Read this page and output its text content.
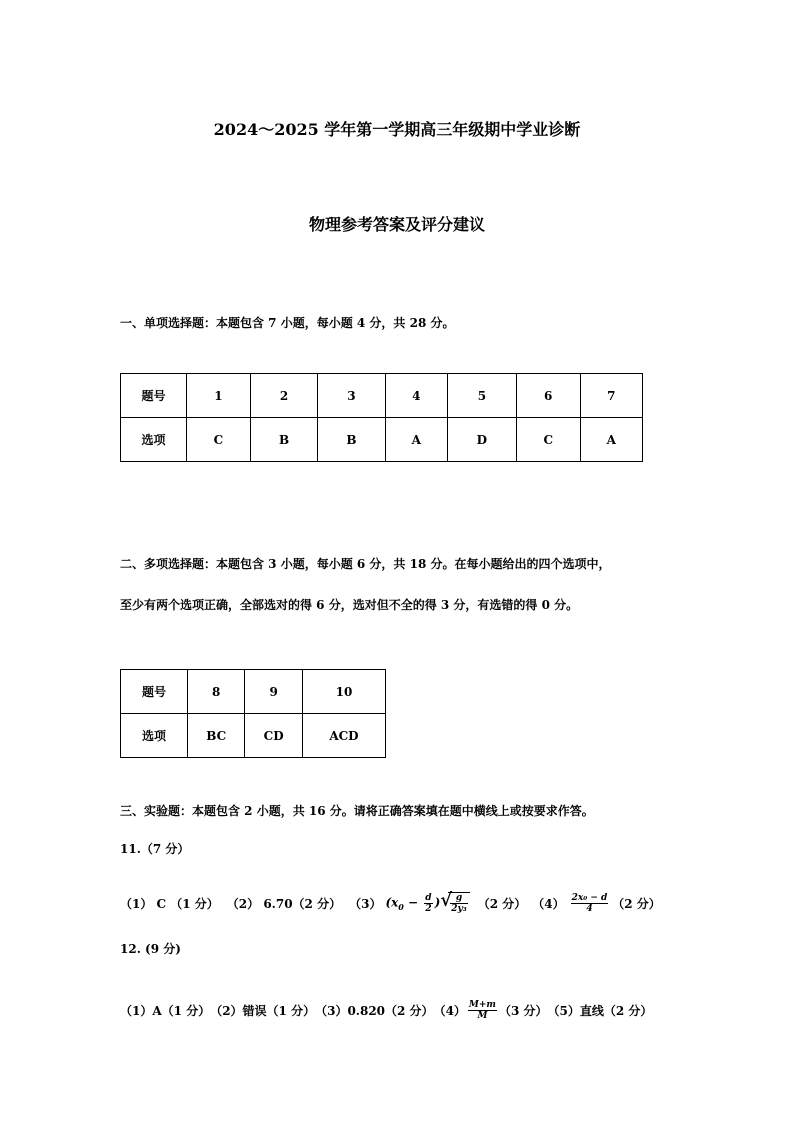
2024～2025 学年第一学期高三年级期中学业诊断
物理参考答案及评分建议
一、单项选择题：本题包含 7 小题，每小题 4 分，共 28 分。
题号	1	2	3	4	5	6	7
选项	C	B	B	A	D	C	A
二、多项选择题：本题包含 3 小题，每小题 6 分，共 18 分。在每小题给出的四个选项中，
至少有两个选项正确，全部选对的得 6 分，选对但不全的得 3 分，有选错的得 0 分。
题号	8	9	10
选项	BC	CD	ACD
三、实验题：本题包含 2 小题，共 16 分。请将正确答案填在题中横线上或按要求作答。
11.（7 分）
（1） C （1 分） （2） 6.70（2 分） （3） ($x_0 - \frac{d}{2}$ ) √
$\frac{g}{\text{2y₃}} (2$ 分） $(4) \frac{\text{2x₀ − d}}{4} (2$ 分）
12. (9 分)
（1）A（1 分） （2）错误（1 分） （3）0.820（2 分） $(4) \frac{M+m}{M} (3$ 分） （5）直线（2 分）
